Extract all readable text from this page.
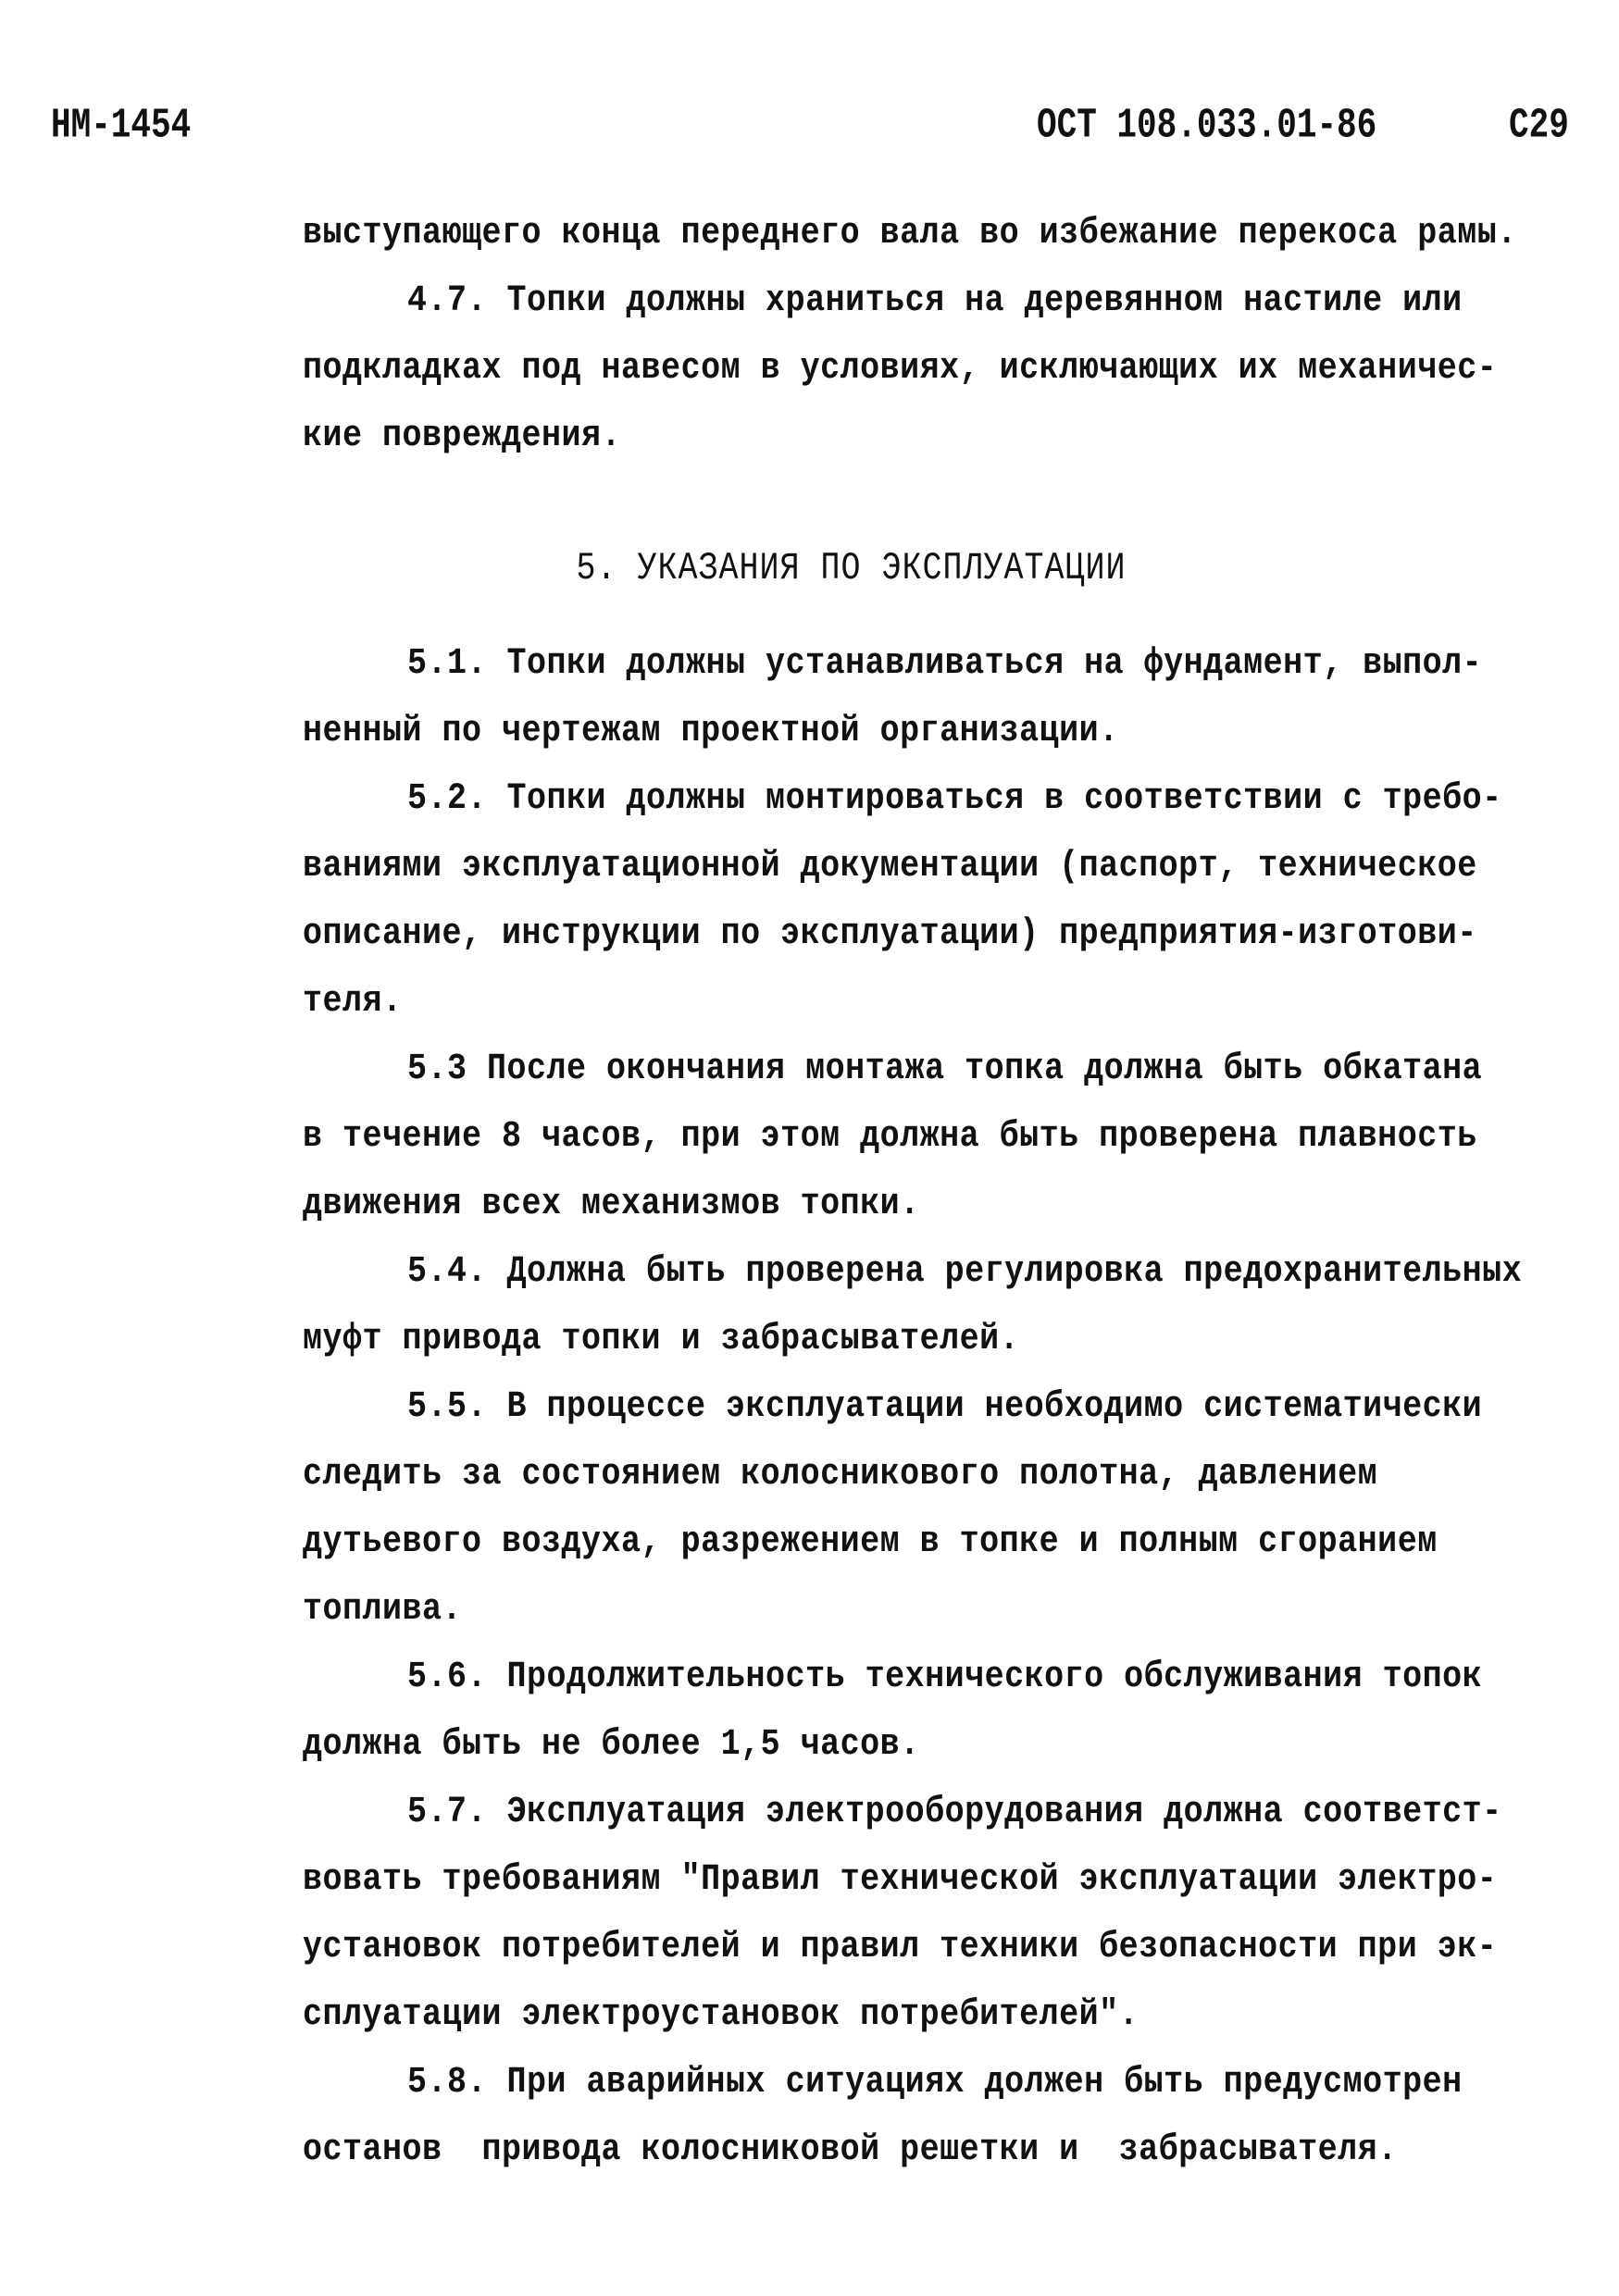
НМ-1454	ОСТ 108.033.01-86	С29
выступающего конца переднего вала во избежание перекоса рамы.
4.7. Топки должны храниться на деревянном настиле или
подкладках под навесом в условиях, исключающих их механичес-
кие повреждения.
5. УКАЗАНИЯ ПО ЭКСПЛУАТАЦИИ
5.1. Топки должны устанавливаться на фундамент, выпол-
ненный по чертежам проектной организации.
5.2. Топки должны монтироваться в соответствии с требо-
ваниями эксплуатационной документации (паспорт, техническое
описание, инструкции по эксплуатации) предприятия-изготови-
теля.
5.3 После окончания монтажа топка должна быть обкатана
в течение 8 часов, при этом должна быть проверена плавность
движения всех механизмов топки.
5.4. Должна быть проверена регулировка предохранительных
муфт привода топки и забрасывателей.
5.5. В процессе эксплуатации необходимо систематически
следить за состоянием колосникового полотна, давлением
дутьевого воздуха, разрежением в топке и полным сгоранием
топлива.
5.6. Продолжительность технического обслуживания топок
должна быть не более 1,5 часов.
5.7. Эксплуатация электрооборудования должна соответст-
вовать требованиям "Правил технической эксплуатации электро-
установок потребителей и правил техники безопасности при эк-
сплуатации электроустановок потребителей".
5.8. При аварийных ситуациях должен быть предусмотрен
останов  привода колосниковой решетки и  забрасывателя.
